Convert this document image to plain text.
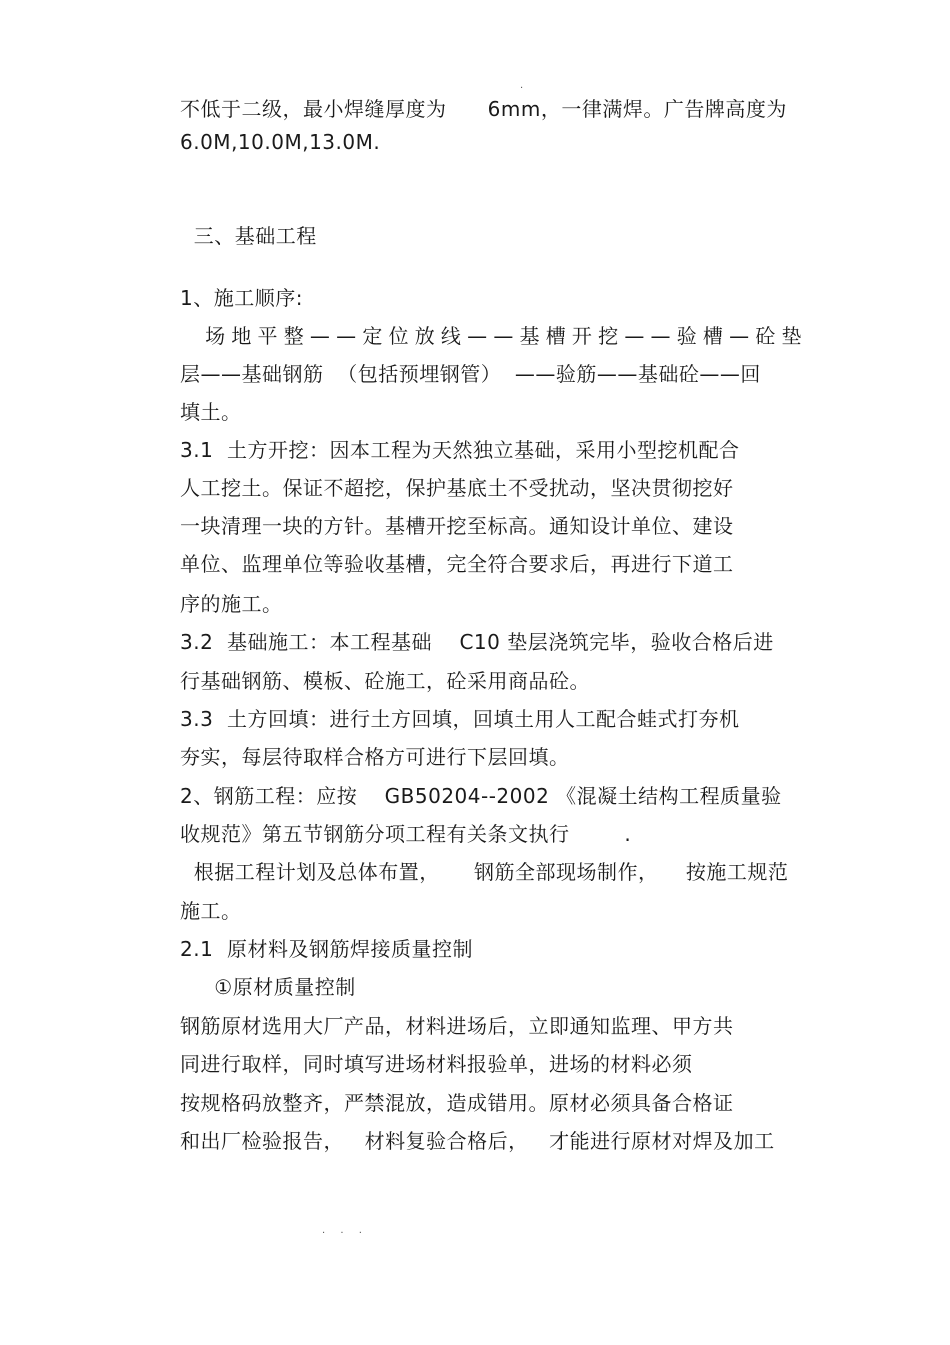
.
不低于二级，最小焊缝厚度为      6mm，一律满焊。广告牌高度为
6.0M,10.0M,13.0M.
三、基础工程
1、施工顺序:
场地平整——定位放线——基槽开挖——验槽—砼垫
层——基础钢筋  （包括预埋钢管）  ——验筋——基础砼——回
填土。
3.1  土方开挖：因本工程为天然独立基础，采用小型挖机配合
人工挖土。保证不超挖，保护基底土不受扰动，坚决贯彻挖好
一块清理一块的方针。基槽开挖至标高。通知设计单位、建设
单位、监理单位等验收基槽，完全符合要求后，再进行下道工
序的施工。
3.2  基础施工：本工程基础    C10 垫层浇筑完毕，验收合格后进
行基础钢筋、模板、砼施工，砼采用商品砼。
3.3  土方回填：进行土方回填，回填土用人工配合蛙式打夯机
夯实，每层待取样合格方可进行下层回填。
2、钢筋工程：应按    GB50204--2002 《混凝土结构工程质量验
收规范》第五节钢筋分项工程有关条文执行        .
根据工程计划及总体布置，     钢筋全部现场制作，    按施工规范
施工。
2.1  原材料及钢筋焊接质量控制
①原材质量控制
钢筋原材选用大厂产品，材料进场后，立即通知监理、甲方共
同进行取样，同时填写进场材料报验单，进场的材料必须
按规格码放整齐，严禁混放，造成错用。原材必须具备合格证
和出厂检验报告，   材料复验合格后，   才能进行原材对焊及加工
. . .
